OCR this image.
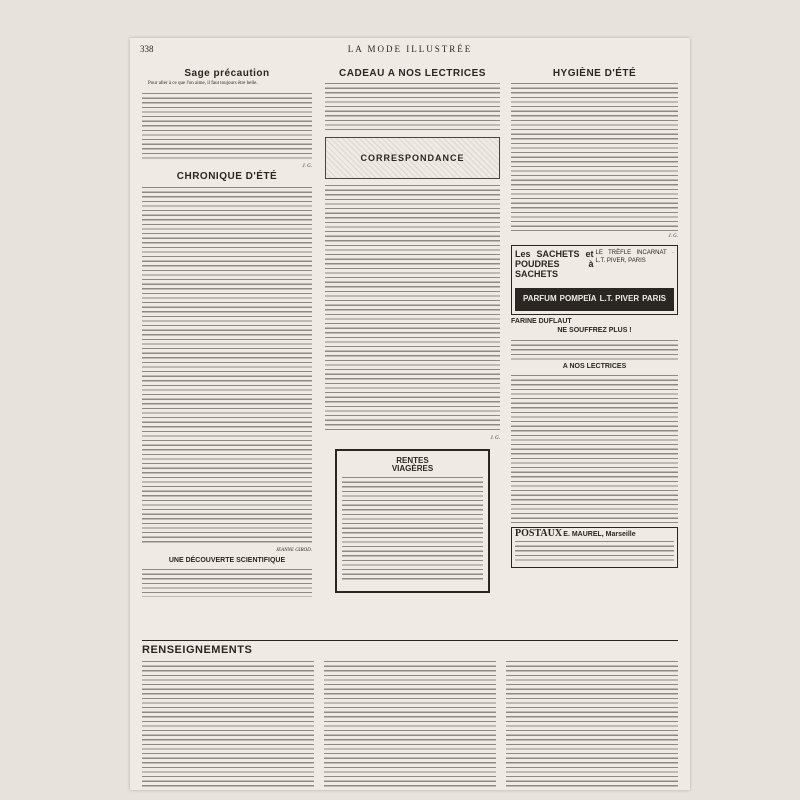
338	LA MODE ILLUSTRÉE
Sage précaution

Pour aller à ce que l'on aime, il faut toujours être belle.

J. G.
CHRONIQUE D'ÉTÉ
JEANNE GIROD.
UNE DÉCOUVERTE SCIENTIFIQUE
CADEAU A NOS LECTRICES
CORRESPONDANCE
J. G.
RENTES
VIAGÈRES
HYGIÈNE D'ÉTÉ
J. G.
Les SACHETS et POUDRES à SACHETS
LE TRÈFLE INCARNAT · L.T. PIVER, PARIS
PARFUM POMPEÏA L.T. PIVER PARIS
FARINE DUFLAUT
NE SOUFFREZ PLUS !
A NOS LECTRICES
POSTAUX E. MAUREL, Marseille
RENSEIGNEMENTS
